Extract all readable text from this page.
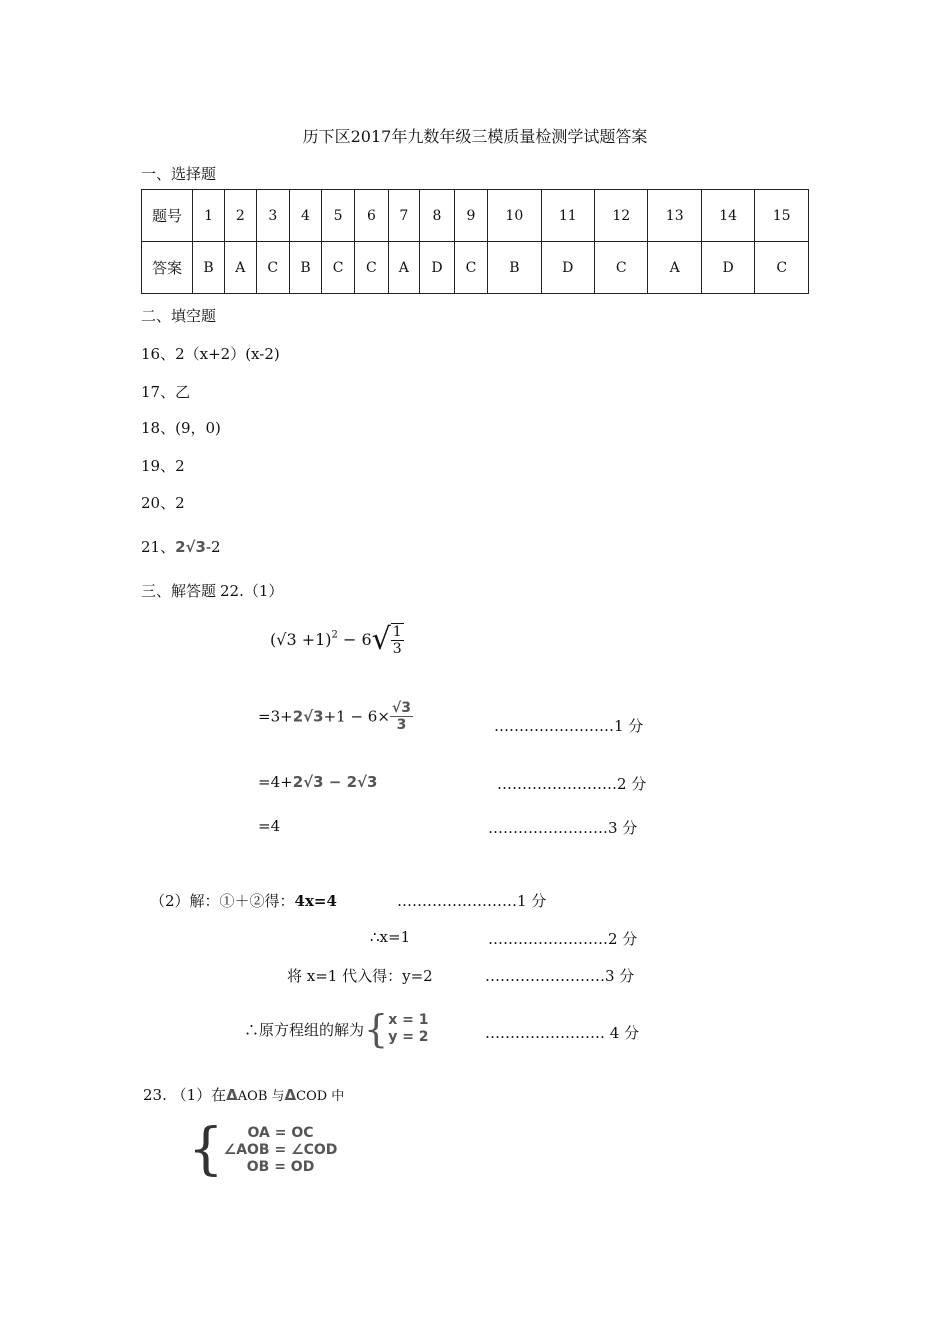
历下区2017年九数年级三模质量检测学试题答案
一、选择题
题号	1	2	3	4	5	6	7	8	9	10	11	12	13	14	15
答案	B	A	C	B	C	C	A	D	C	B	D	C	A	D	C
二、填空题
16、2（x+2）(x-2)
17、乙
18、(9，0)
19、2
20、2
21、2√3-2
三、解答题 22.（1）
$(√3 +1)^2 - 6√ \frac{1}{3}$
$=3+2√3+1 - 6\times \frac{√3}{3}$	……………………1 分
=4+2√3 − 2√3	……………………2 分
=4	……………………3 分
（2）解：①＋②得：4x=4	……………………1 分
∴x=1	……………………2 分
将 x=1 代入得：y=2	……………………3 分
∴原方程组的解为 { x = 1
y = 2	…………………… 4 分
23. （1）在ΔAOB 与ΔCOD 中
{	OA = OC
∠AOB = ∠COD
OB = OD
